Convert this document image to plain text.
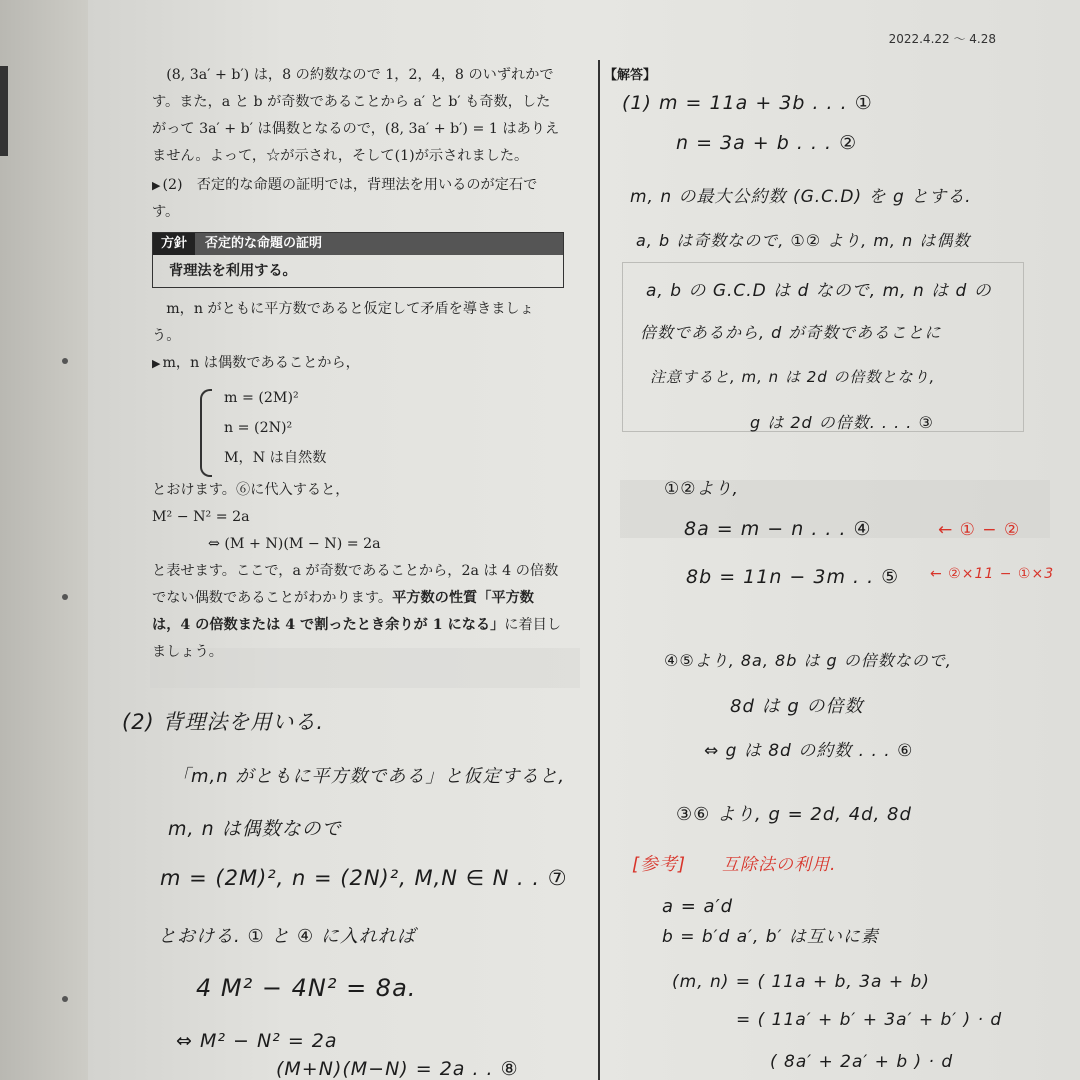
2022.4.22 ～ 4.28

(8, 3a′ + b′) は，8 の約数なので 1，2，4，8 のいずれかです。また，a と b が奇数であることから a′ と b′ も奇数，したがって 3a′ + b′ は偶数となるので，(8, 3a′ + b′) = 1 はありえません。よって，☆が示され，そして(1)が示されました。

▶ (2)　否定的な命題の証明では，背理法を用いるのが定石です。

方針	否定的な命題の証明
背理法を利用する。

m，n がともに平方数であると仮定して矛盾を導きましょう。

▶ m，n は偶数であることから，

m = (2M)²
n = (2N)²
M，N は自然数

とおけます。⑥に代入すると，

M² − N² = 2a

⇔ (M + N)(M − N) = 2a

と表せます。ここで，a が奇数であることから，2a は 4 の倍数でない偶数であることがわかります。平方数の性質「平方数は，4 の倍数または 4 で割ったとき余りが 1 になる」に着目しましょう。

(2) 背理法を用いる.
「m,n がともに平方数である」と仮定すると,
m, n は偶数なので
m = (2M)², n = (2N)², M,N ∈ N . . ⑦
とおける. ① と ④ に入れれば
4 M² − 4N² = 8a.
⇔ M² − N² = 2a
(M+N)(M−N) = 2a . . ⑧
【解答】
(1) m = 11a + 3b . . . ①
n = 3a + b . . . ②
m, n の最大公約数 (G.C.D) を g とする.
a, b は奇数なので, ①② より, m, n は偶数
a, b の G.C.D は d なので, m, n は d の
倍数であるから, d が奇数であることに
注意すると, m, n は 2d の倍数となり,
g は 2d の倍数. . . . ③
①②より,
8a = m − n . . . ④	← ① − ②
8b = 11n − 3m . . ⑤ ← ②×11 − ①×3
④⑤より, 8a, 8b は g の倍数なので,
8d は g の倍数
⇔ g は 8d の約数 . . . ⑥
③⑥ より, g = 2d, 4d, 8d
[参考] 互除法の利用.
a = a′d
b = b′d a′, b′ は互いに素
(m, n) = ( 11a + b, 3a + b)
= ( 11a′ + b′ + 3a′ + b′ ) · d
( 8a′ + 2a′ + b ) · d
